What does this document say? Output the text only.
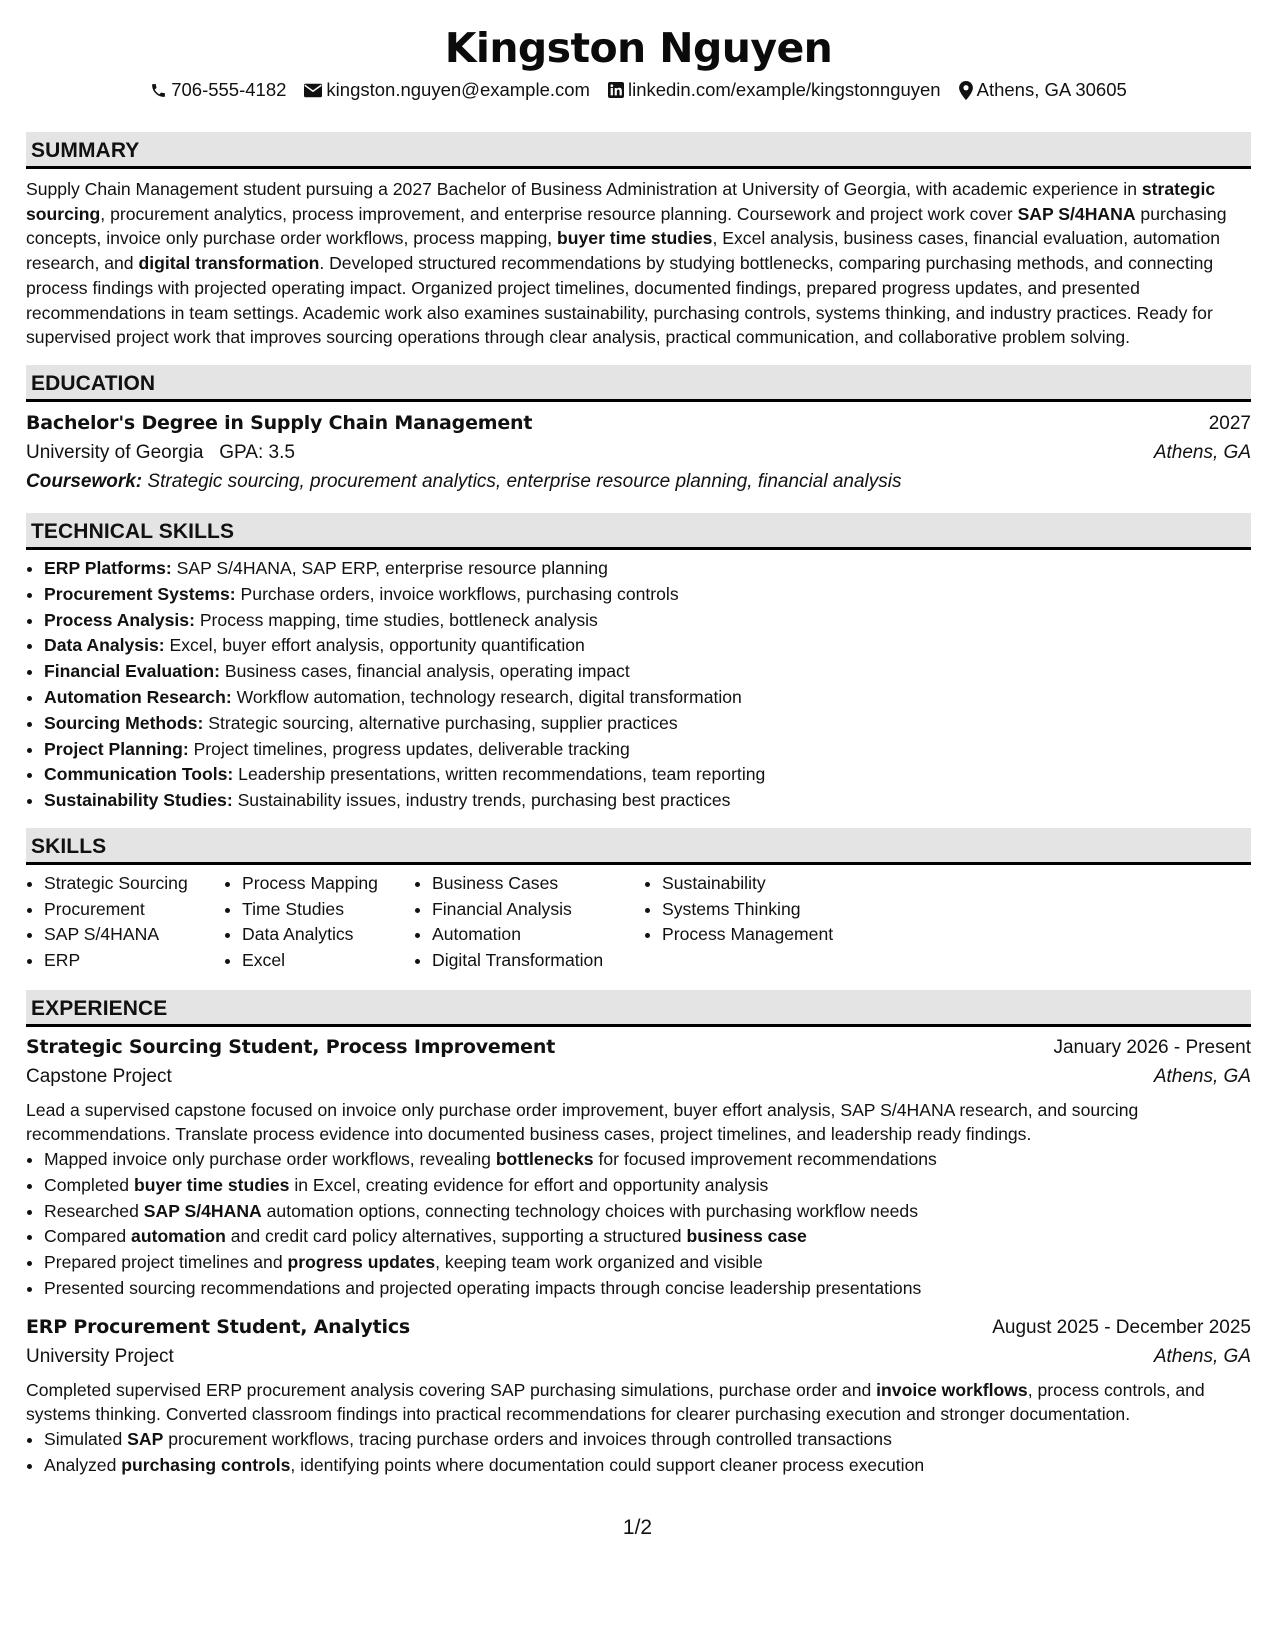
Kingston Nguyen
706-555-4182 kingston.nguyen@example.com linkedin.com/example/kingstonnguyen Athens, GA 30605
SUMMARY
Supply Chain Management student pursuing a 2027 Bachelor of Business Administration at University of Georgia, with academic experience in strategic sourcing, procurement analytics, process improvement, and enterprise resource planning. Coursework and project work cover SAP S/4HANA purchasing concepts, invoice only purchase order workflows, process mapping, buyer time studies, Excel analysis, business cases, financial evaluation, automation research, and digital transformation. Developed structured recommendations by studying bottlenecks, comparing purchasing methods, and connecting process findings with projected operating impact. Organized project timelines, documented findings, prepared progress updates, and presented recommendations in team settings. Academic work also examines sustainability, purchasing controls, systems thinking, and industry practices. Ready for supervised project work that improves sourcing operations through clear analysis, practical communication, and collaborative problem solving.
EDUCATION
Bachelor's Degree in Supply Chain Management	2027
University of Georgia GPA: 3.5	Athens, GA
Coursework: Strategic sourcing, procurement analytics, enterprise resource planning, financial analysis
TECHNICAL SKILLS
• ERP Platforms: SAP S/4HANA, SAP ERP, enterprise resource planning
• Procurement Systems: Purchase orders, invoice workflows, purchasing controls
• Process Analysis: Process mapping, time studies, bottleneck analysis
• Data Analysis: Excel, buyer effort analysis, opportunity quantification
• Financial Evaluation: Business cases, financial analysis, operating impact
• Automation Research: Workflow automation, technology research, digital transformation
• Sourcing Methods: Strategic sourcing, alternative purchasing, supplier practices
• Project Planning: Project timelines, progress updates, deliverable tracking
• Communication Tools: Leadership presentations, written recommendations, team reporting
• Sustainability Studies: Sustainability issues, industry trends, purchasing best practices
SKILLS
• Strategic Sourcing
• Procurement
• SAP S/4HANA
• ERP
• Process Mapping
• Time Studies
• Data Analytics
• Excel
• Business Cases
• Financial Analysis
• Automation
• Digital Transformation
• Sustainability
• Systems Thinking
• Process Management
EXPERIENCE
Strategic Sourcing Student, Process Improvement	January 2026 - Present
Capstone Project	Athens, GA
Lead a supervised capstone focused on invoice only purchase order improvement, buyer effort analysis, SAP S/4HANA research, and sourcing recommendations. Translate process evidence into documented business cases, project timelines, and leadership ready findings.
• Mapped invoice only purchase order workflows, revealing bottlenecks for focused improvement recommendations
• Completed buyer time studies in Excel, creating evidence for effort and opportunity analysis
• Researched SAP S/4HANA automation options, connecting technology choices with purchasing workflow needs
• Compared automation and credit card policy alternatives, supporting a structured business case
• Prepared project timelines and progress updates, keeping team work organized and visible
• Presented sourcing recommendations and projected operating impacts through concise leadership presentations
ERP Procurement Student, Analytics	August 2025 - December 2025
University Project	Athens, GA
Completed supervised ERP procurement analysis covering SAP purchasing simulations, purchase order and invoice workflows, process controls, and systems thinking. Converted classroom findings into practical recommendations for clearer purchasing execution and stronger documentation.
• Simulated SAP procurement workflows, tracing purchase orders and invoices through controlled transactions
• Analyzed purchasing controls, identifying points where documentation could support cleaner process execution
1/2
